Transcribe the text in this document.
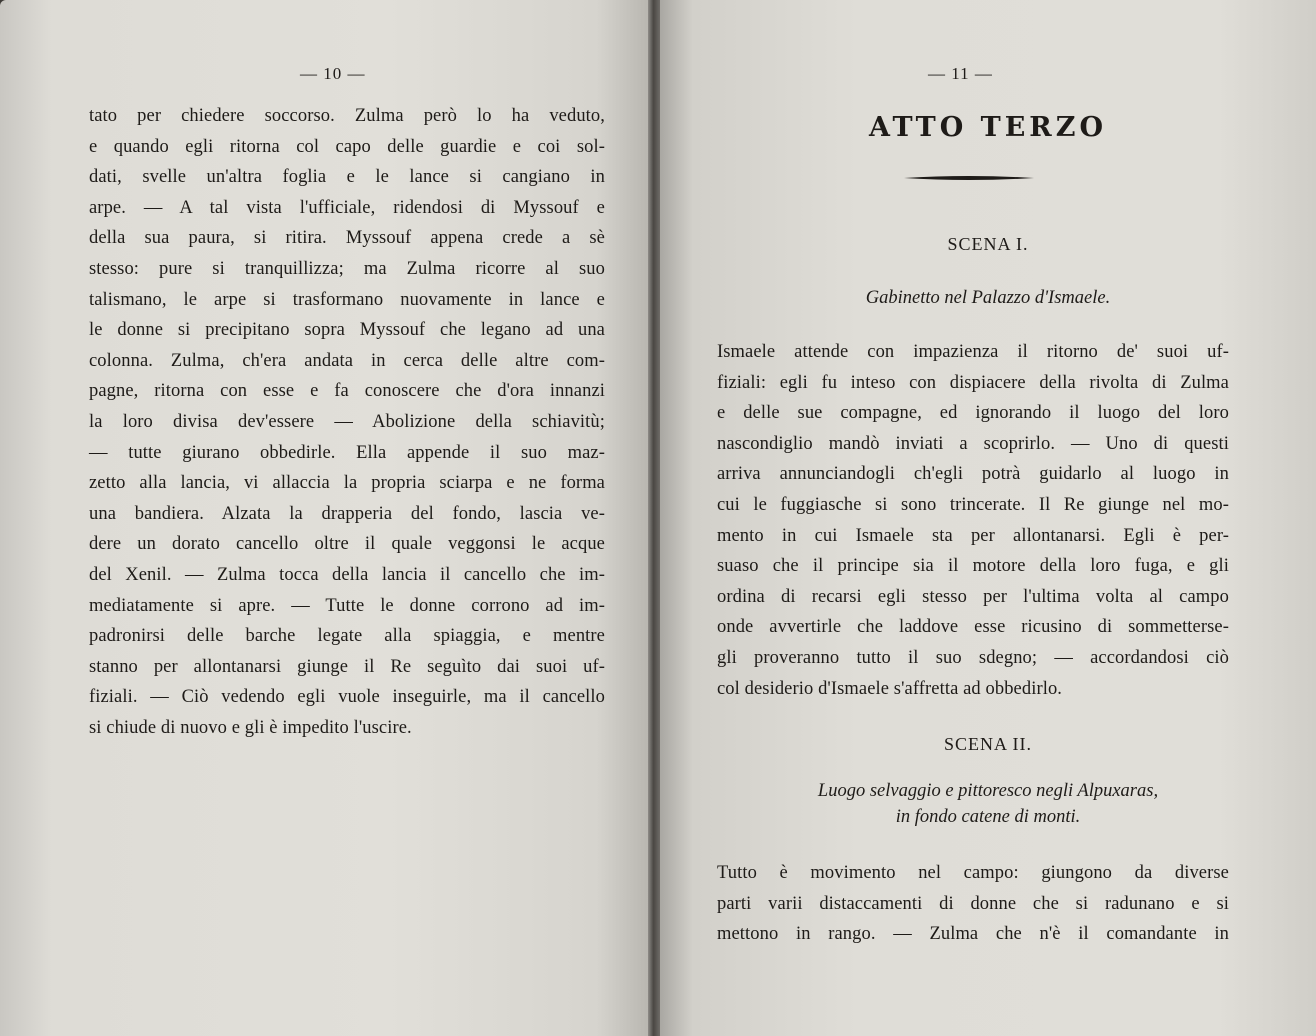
— 10 —
tato per chiedere soccorso. Zulma però lo ha veduto,
e quando egli ritorna col capo delle guardie e coi sol-
dati, svelle un'altra foglia e le lance si cangiano in
arpe. — A tal vista l'ufficiale, ridendosi di Myssouf e
della sua paura, si ritira. Myssouf appena crede a sè
stesso: pure si tranquillizza; ma Zulma ricorre al suo
talismano, le arpe si trasformano nuovamente in lance e
le donne si precipitano sopra Myssouf che legano ad una
colonna. Zulma, ch'era andata in cerca delle altre com-
pagne, ritorna con esse e fa conoscere che d'ora innanzi
la loro divisa dev'essere — Abolizione della schiavitù;
— tutte giurano obbedirle. Ella appende il suo maz-
zetto alla lancia, vi allaccia la propria sciarpa e ne forma
una bandiera. Alzata la drapperia del fondo, lascia ve-
dere un dorato cancello oltre il quale veggonsi le acque
del Xenil. — Zulma tocca della lancia il cancello che im-
mediatamente si apre. — Tutte le donne corrono ad im-
padronirsi delle barche legate alla spiaggia, e mentre
stanno per allontanarsi giunge il Re seguìto dai suoi uf-
fiziali. — Ciò vedendo egli vuole inseguirle, ma il cancello
si chiude di nuovo e gli è impedito l'uscire.
— 11 —
ATTO TERZO
SCENA I.
Gabinetto nel Palazzo d'Ismaele.
Ismaele attende con impazienza il ritorno de' suoi uf-
fiziali: egli fu inteso con dispiacere della rivolta di Zulma
e delle sue compagne, ed ignorando il luogo del loro
nascondiglio mandò inviati a scoprirlo. — Uno di questi
arriva annunciandogli ch'egli potrà guidarlo al luogo in
cui le fuggiasche si sono trincerate. Il Re giunge nel mo-
mento in cui Ismaele sta per allontanarsi. Egli è per-
suaso che il principe sia il motore della loro fuga, e gli
ordina di recarsi egli stesso per l'ultima volta al campo
onde avvertirle che laddove esse ricusino di sommetterse-
gli proveranno tutto il suo sdegno; — accordandosi ciò
col desiderio d'Ismaele s'affretta ad obbedirlo.
SCENA II.
Luogo selvaggio e pittoresco negli Alpuxaras,
in fondo catene di monti.
Tutto è movimento nel campo: giungono da diverse
parti varii distaccamenti di donne che si radunano e si
mettono in rango. — Zulma che n'è il comandante in
